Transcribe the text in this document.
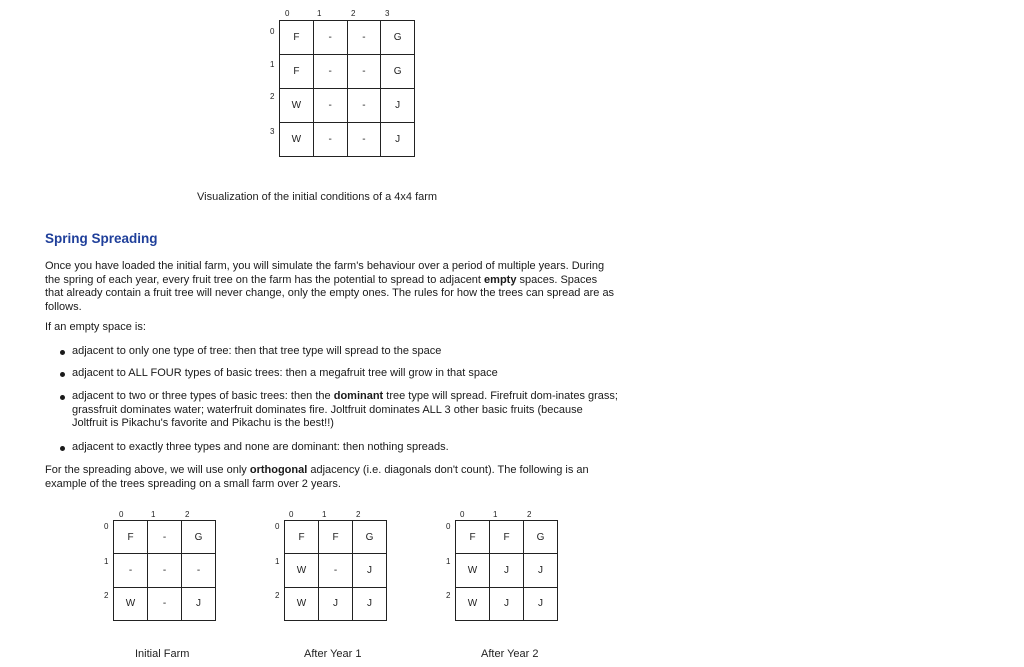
0	1	2	3
0
1
2
3
F	-	-	G
F	-	-	G
W	-	-	J
W	-	-	J
Visualization of the initial conditions of a 4x4 farm
Spring Spreading

Once you have loaded the initial farm, you will simulate the farm's behaviour over a period of multiple years. During the spring of each year, every fruit tree on the farm has the potential to spread to adjacent empty spaces. Spaces that already contain a fruit tree will never change, only the empty ones. The rules for how the trees can spread are as follows.

If an empty space is:

adjacent to only one type of tree: then that tree type will spread to the space
adjacent to ALL FOUR types of basic trees: then a megafruit tree will grow in that space
adjacent to two or three types of basic trees: then the dominant tree type will spread. Firefruit dom-inates grass; grassfruit dominates water; waterfruit dominates fire. Joltfruit dominates ALL 3 other basic fruits (because Joltfruit is Pikachu's favorite and Pikachu is the best!!)
adjacent to exactly three types and none are dominant: then nothing spreads.

For the spreading above, we will use only orthogonal adjacency (i.e. diagonals don't count). The following is an example of the trees spreading on a small farm over 2 years.

0	1	2
0
1
2
F	-	G
-	-	-
W	-	J
Initial Farm
0	1	2
0
1
2
F	F	G
W	-	J
W	J	J
After Year 1
0	1	2
0
1
2
F	F	G
W	J	J
W	J	J
After Year 2
